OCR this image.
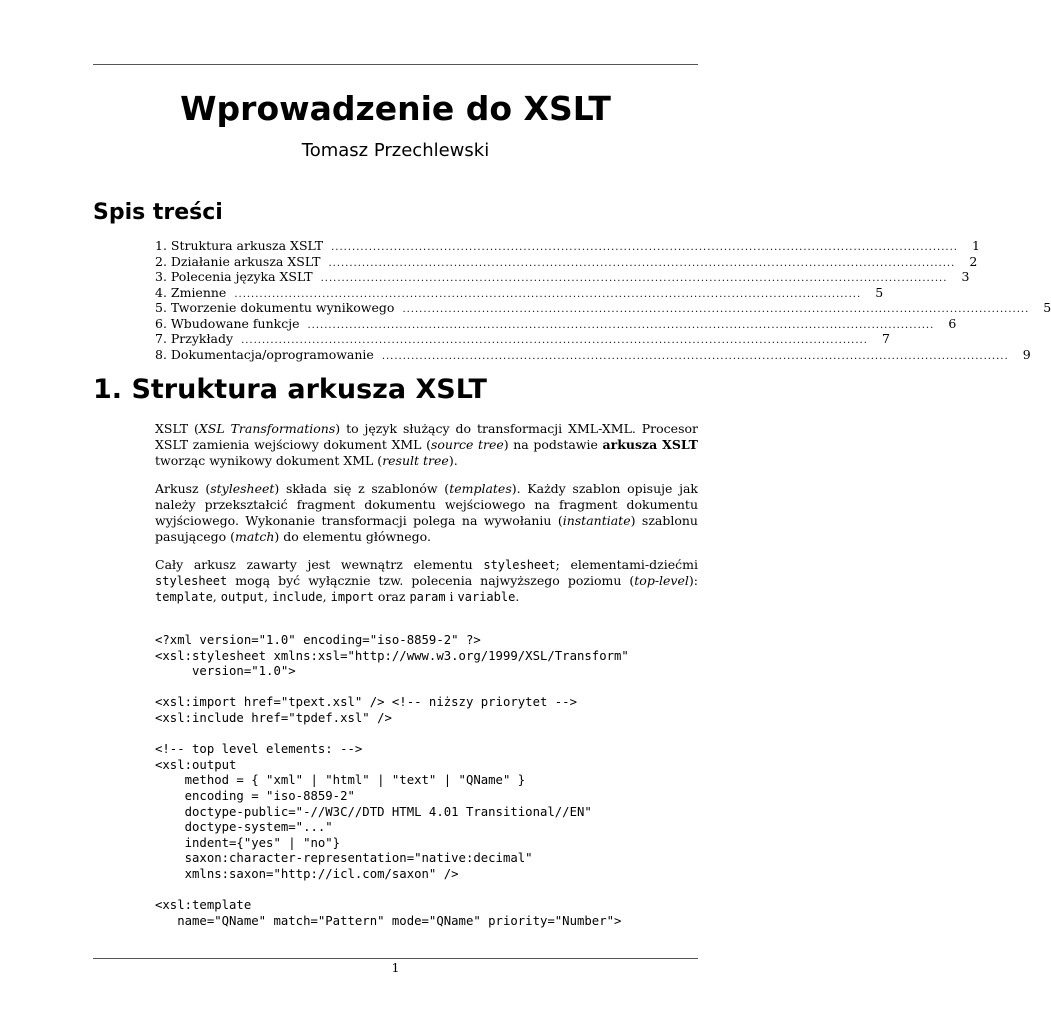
Wprowadzenie do XSLT
Tomasz Przechlewski
Spis treści
1. Struktura arkusza XSLT ......................................................................................................................................................	1
2. Działanie arkusza XSLT ......................................................................................................................................................	2
3. Polecenia języka XSLT ......................................................................................................................................................	3
4. Zmienne ......................................................................................................................................................	5
5. Tworzenie dokumentu wynikowego ......................................................................................................................................................	5
6. Wbudowane funkcje ......................................................................................................................................................	6
7. Przykłady ......................................................................................................................................................	7
8. Dokumentacja/oprogramowanie ......................................................................................................................................................	9
1. Struktura arkusza XSLT

XSLT (XSL Transformations) to język służący do transformacji XML-XML. Procesor XSLT zamienia wejściowy dokument XML (source tree) na podstawie arkusza XSLT tworząc wynikowy dokument XML (result tree).

Arkusz (stylesheet) składa się z szablonów (templates). Każdy szablon opisuje jak należy przekształcić fragment dokumentu wejściowego na fragment dokumentu wyjściowego. Wykonanie transformacji polega na wywołaniu (instantiate) szablonu pasującego (match) do elementu głównego.

Cały arkusz zawarty jest wewnątrz elementu stylesheet; elementami-dziećmi stylesheet mogą być wyłącznie tzw. polecenia najwyższego poziomu (top-level): template, output, include, import oraz param i variable.

<?xml version="1.0" encoding="iso-8859-2" ?>
<xsl:stylesheet xmlns:xsl="http://www.w3.org/1999/XSL/Transform"
version="1.0">

<xsl:import href="tpext.xsl" /> <!-- niższy priorytet -->
<xsl:include href="tpdef.xsl" />

<!-- top level elements: -->
<xsl:output
method = { "xml" | "html" | "text" | "QName" }
encoding = "iso-8859-2"
doctype-public="-//W3C//DTD HTML 4.01 Transitional//EN"
doctype-system="..."
indent={"yes" | "no"}
saxon:character-representation="native:decimal"
xmlns:saxon="http://icl.com/saxon" />

<xsl:template
name="QName" match="Pattern" mode="QName" priority="Number">
1
